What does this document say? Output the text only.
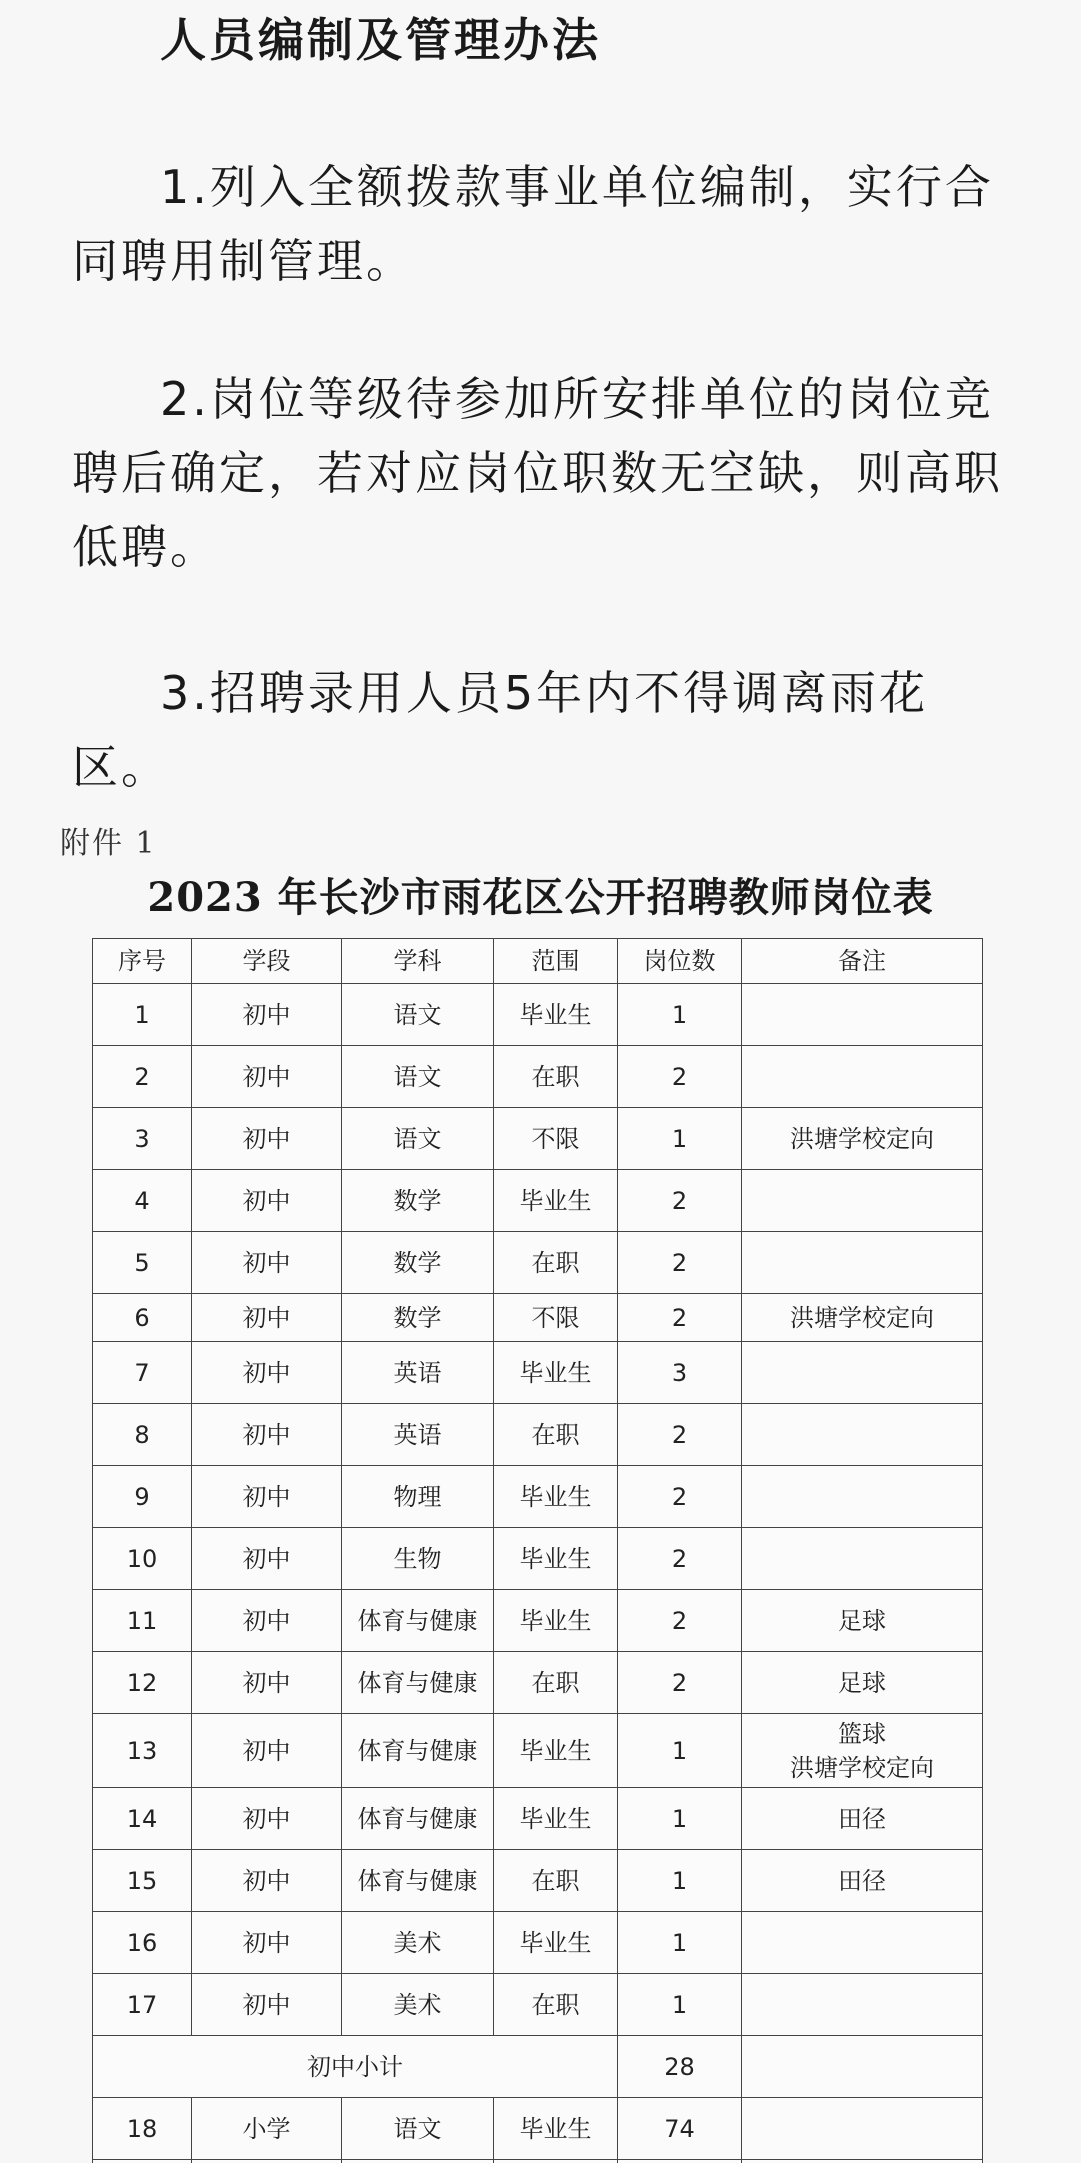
人员编制及管理办法
1.列入全额拨款事业单位编制，实行合同聘用制管理。
2.岗位等级待参加所安排单位的岗位竞聘后确定，若对应岗位职数无空缺，则高职低聘。
3.招聘录用人员5年内不得调离雨花区。
附件 1
2023 年长沙市雨花区公开招聘教师岗位表
序号	学段	学科	范围	岗位数	备注
1	初中	语文	毕业生	1	
2	初中	语文	在职	2	
3	初中	语文	不限	1	洪塘学校定向
4	初中	数学	毕业生	2	
5	初中	数学	在职	2	
6	初中	数学	不限	2	洪塘学校定向
7	初中	英语	毕业生	3	
8	初中	英语	在职	2	
9	初中	物理	毕业生	2	
10	初中	生物	毕业生	2	
11	初中	体育与健康	毕业生	2	足球
12	初中	体育与健康	在职	2	足球
13	初中	体育与健康	毕业生	1	篮球
洪塘学校定向

14	初中	体育与健康	毕业生	1	田径
15	初中	体育与健康	在职	1	田径
16	初中	美术	毕业生	1	
17	初中	美术	在职	1	
初中小计				28	
18	小学	语文	毕业生	74	
